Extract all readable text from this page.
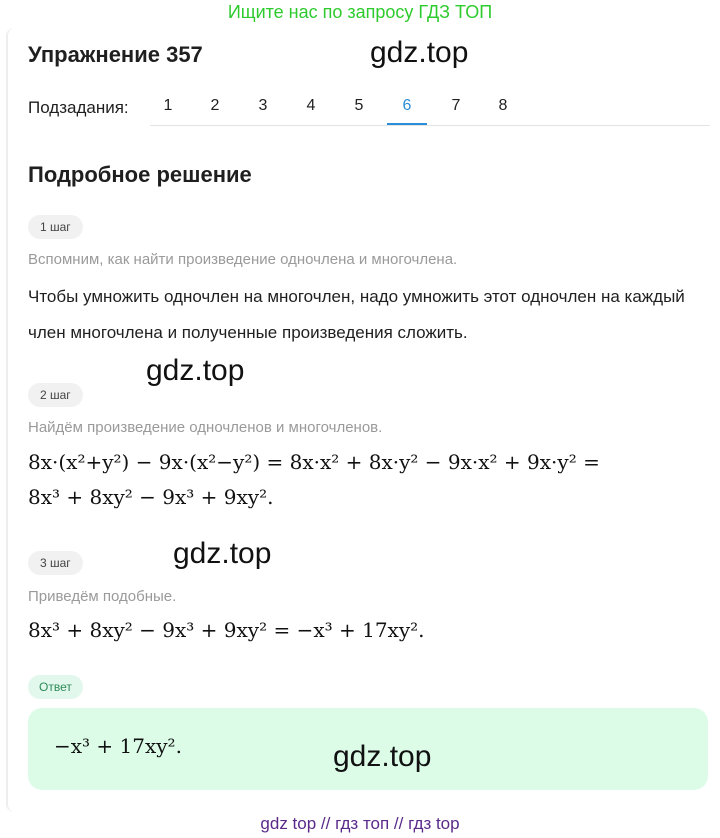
Ищите нас по запросу ГДЗ ТОП
Упражнение 357	gdz.top
Подзадания:	1	2	3	4	5	6	7	8
Подробное решение
1 шаг
Вспомним, как найти произведение одночлена и многочлена.
Чтобы умножить одночлен на многочлен, надо умножить этот одночлен на каждый член многочлена и полученные произведения сложить.
gdz.top
2 шаг
Найдём произведение одночленов и многочленов.
8x·(x²+y²) − 9x·(x²−y²) = 8x·x² + 8x·y² − 9x·x² + 9x·y² =
8x³ + 8xy² − 9x³ + 9xy².
gdz.top
3 шаг
Приведём подобные.
8x³ + 8xy² − 9x³ + 9xy² = −x³ + 17xy².
Ответ
−x³ + 17xy².	gdz.top
gdz top // гдз топ // гдз top
